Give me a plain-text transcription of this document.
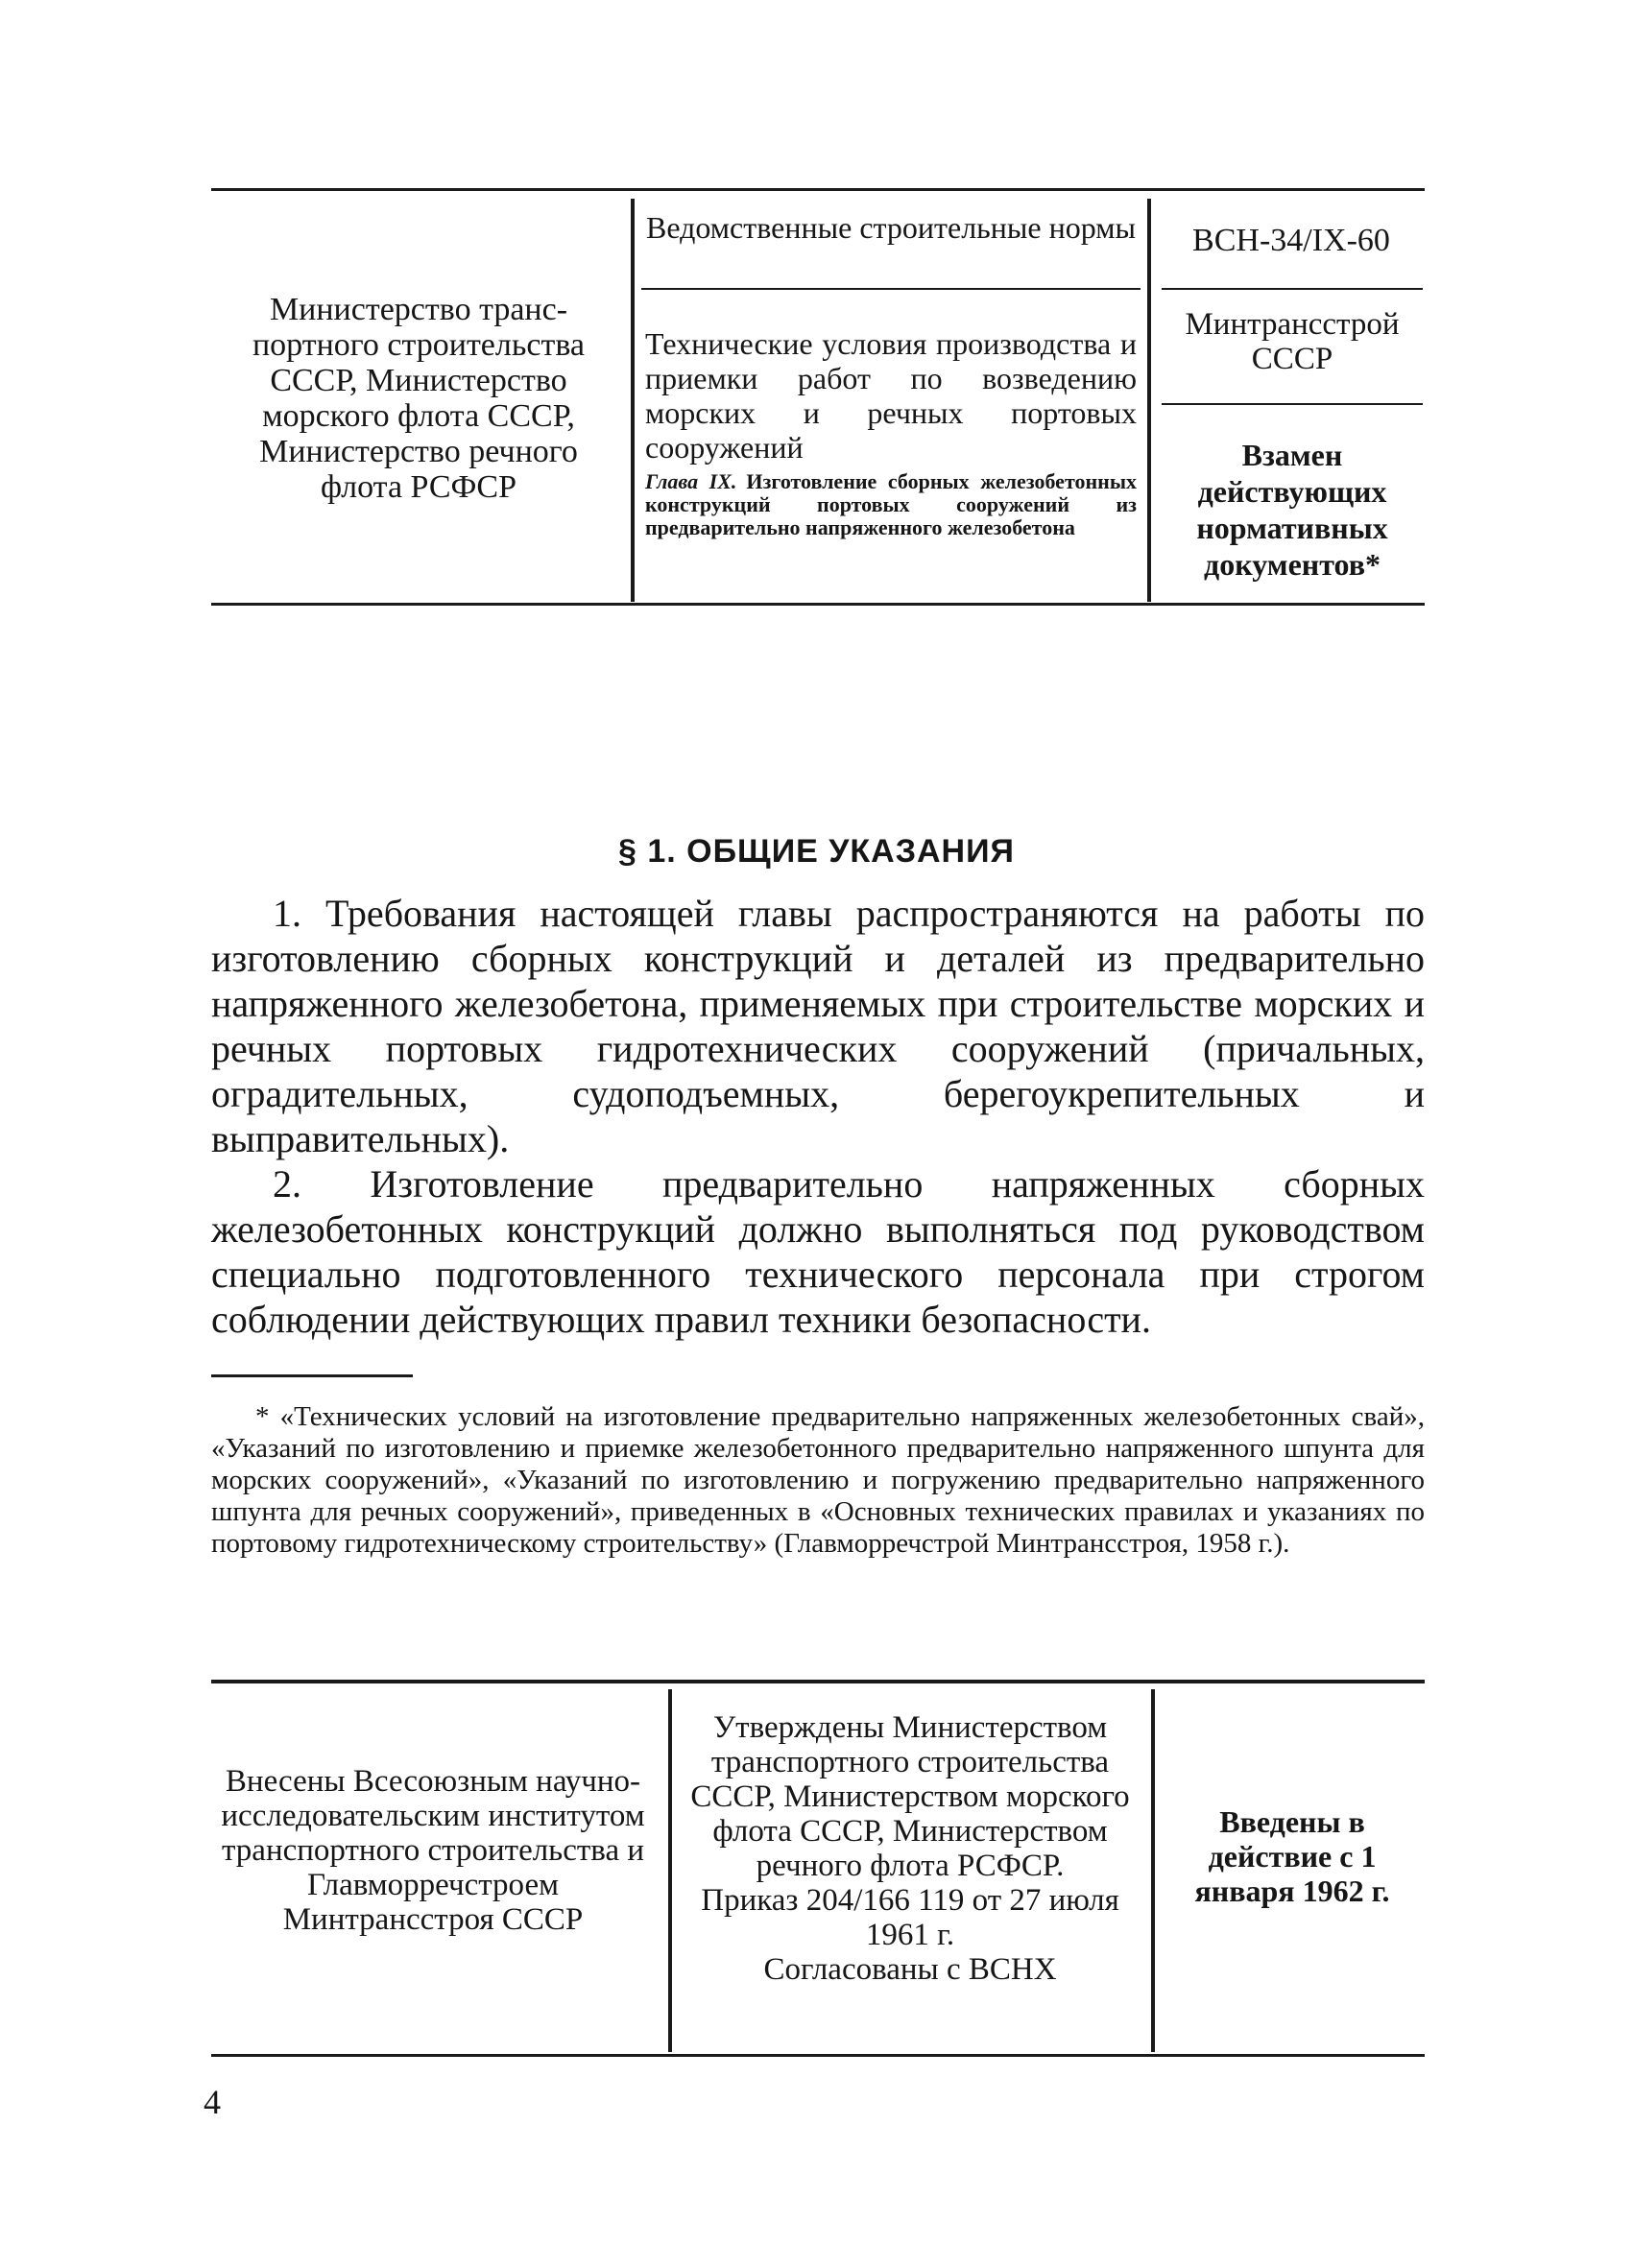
Министерство транс-портного строительства СССР, Министерство морского флота СССР, Министерство речного флота РСФСР
Ведомственные строительные нормы	ВСН-34/IX-60
Технические условия производства и приемки работ по возведению морских и речных портовых сооружений
Глава IX. Изготовление сборных железобетонных конструкций портовых сооружений из предварительно напряженного железобетона
Минтрансстрой СССР
Взамен действующих нормативных документов*
§ 1. ОБЩИЕ УКАЗАНИЯ

1. Требования настоящей главы распространяются на работы по изготовлению сборных конструкций и деталей из предварительно напряженного железобетона, применяемых при строительстве морских и речных портовых гидротехнических сооружений (причальных, оградительных, судоподъемных, берегоукрепительных и выправительных).

2. Изготовление предварительно напряженных сборных железобетонных конструкций должно выполняться под руководством специально подготовленного технического персонала при строгом соблюдении действующих правил техники безопасности.

* «Технических условий на изготовление предварительно напряженных железобетонных свай», «Указаний по изготовлению и приемке железобетонного предварительно напряженного шпунта для морских сооружений», «Указаний по изготовлению и погружению предварительно напряженного шпунта для речных сооружений», приведенных в «Основных технических правилах и указаниях по портовому гидротехническому строительству» (Главморречстрой Минтрансстроя, 1958 г.).

Внесены Всесоюзным научно-исследовательским институтом транспортного строительства и Главморречстроем Минтрансстроя СССР
Утверждены Министерством транспортного строительства СССР, Министерством морского флота СССР, Министерством речного флота РСФСР.
Приказ 204/166 119 от 27 июля 1961 г.
Согласованы с ВСНХ
Введены в действие с 1 января 1962 г.
4
